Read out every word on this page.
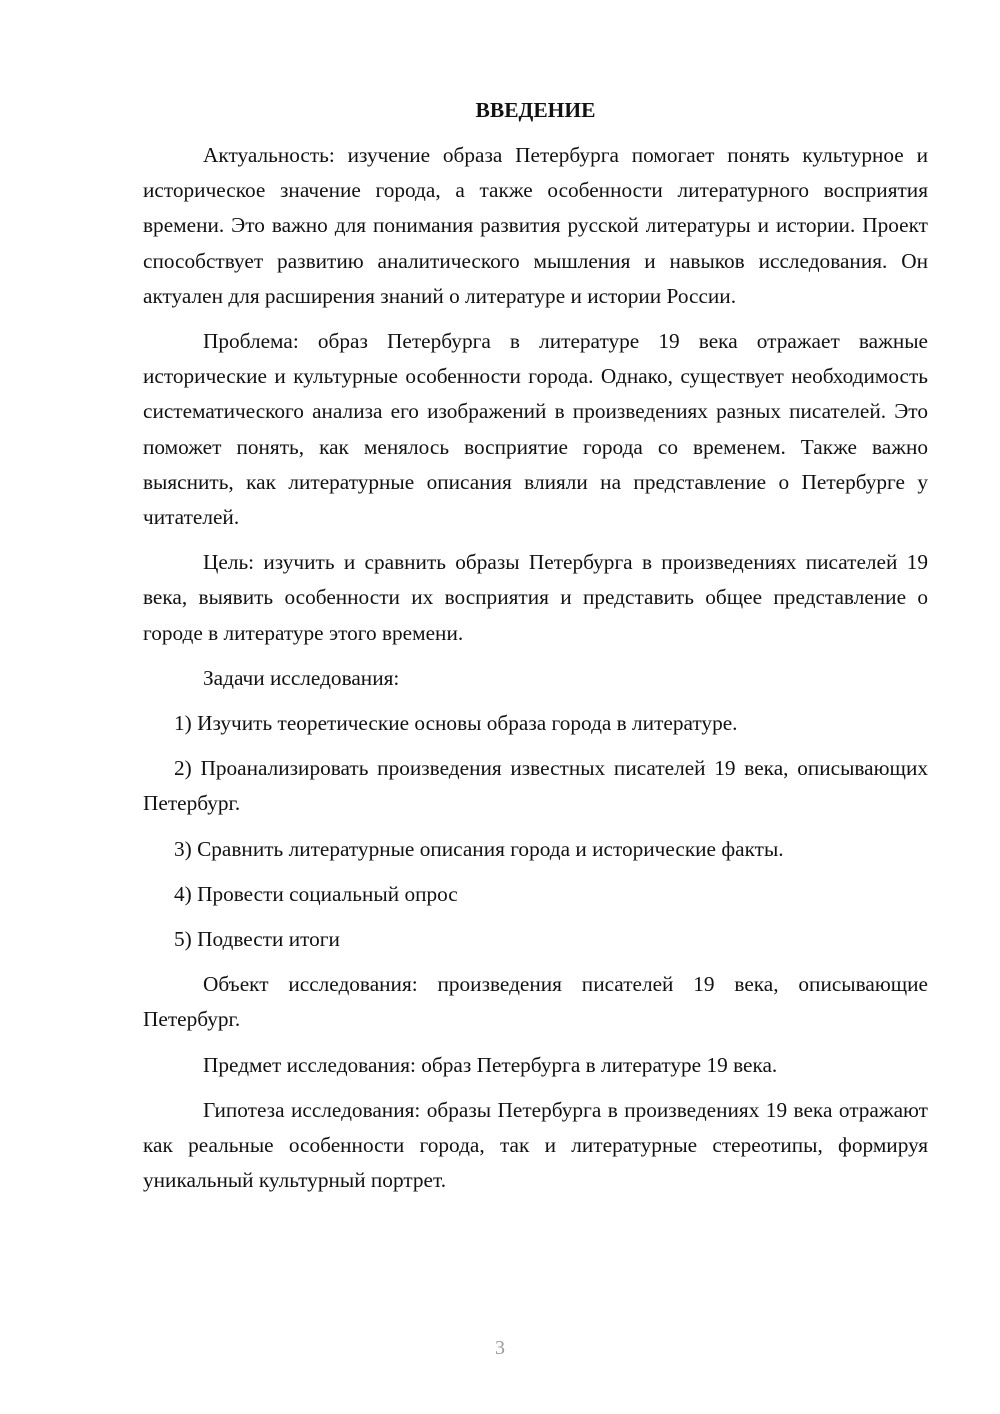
ВВЕДЕНИЕ

Актуальность: изучение образа Петербурга помогает понять культурное и историческое значение города, а также особенности литературного восприятия времени. Это важно для понимания развития русской литературы и истории. Проект способствует развитию аналитического мышления и навыков исследования. Он актуален для расширения знаний о литературе и истории России.

Проблема: образ Петербурга в литературе 19 века отражает важные исторические и культурные особенности города. Однако, существует необходимость систематического анализа его изображений в произведениях разных писателей. Это поможет понять, как менялось восприятие города со временем. Также важно выяснить, как литературные описания влияли на представление о Петербурге у читателей.

Цель: изучить и сравнить образы Петербурга в произведениях писателей 19 века, выявить особенности их восприятия и представить общее представление о городе в литературе этого времени.

Задачи исследования:

1) Изучить теоретические основы образа города в литературе.

2) Проанализировать произведения известных писателей 19 века, описывающих Петербург.

3) Сравнить литературные описания города и исторические факты.

4) Провести социальный опрос

5) Подвести итоги

Объект исследования: произведения писателей 19 века, описывающие Петербург.

Предмет исследования: образ Петербурга в литературе 19 века.

Гипотеза исследования: образы Петербурга в произведениях 19 века отражают как реальные особенности города, так и литературные стереотипы, формируя уникальный культурный портрет.

3
